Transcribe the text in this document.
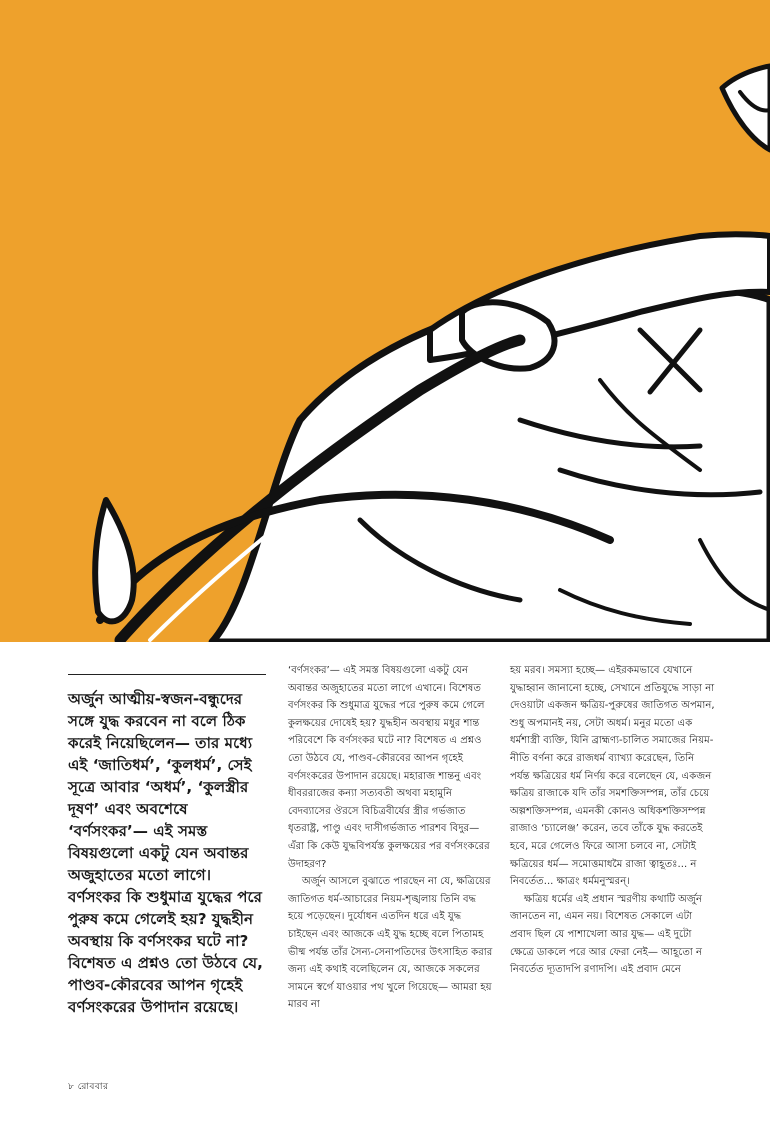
অর্জুন আত্মীয়-স্বজন-বন্ধুদের সঙ্গে যুদ্ধ করবেন না বলে ঠিক করেই নিয়েছিলেন— তার মধ্যে এই ‘জাতিধর্ম’, ‘কুলধর্ম’, সেই সূত্রে আবার ‘অধর্ম’, ‘কুলস্ত্রীর দূষণ’ এবং অবশেষে ‘বর্ণসংকর’— এই সমস্ত বিষয়গুলো একটু যেন অবান্তর অজুহাতের মতো লাগে। বর্ণসংকর কি শুধুমাত্র যুদ্ধের পরে পুরুষ কমে গেলেই হয়? যুদ্ধহীন অবস্থায় কি বর্ণসংকর ঘটে না? বিশেষত এ প্রশ্নও তো উঠবে যে, পাণ্ডব-কৌরবের আপন গৃহেই বর্ণসংকরের উপাদান রয়েছে।

‘বর্ণসংকর’— এই সমস্ত বিষয়গুলো একটু যেন অবান্তর অজুহাতের মতো লাগে এখানে। বিশেষত বর্ণসংকর কি শুধুমাত্র যুদ্ধের পরে পুরুষ কমে গেলে কুলক্ষয়ের দোষেই হয়? যুদ্ধহীন অবস্থায় মধুর শান্ত পরিবেশে কি বর্ণসংকর ঘটে না? বিশেষত এ প্রশ্নও তো উঠবে যে, পাণ্ডব-কৌরবের আপন গৃহেই বর্ণসংকরের উপাদান রয়েছে। মহারাজ শান্তনু এবং ধীবররাজের কন্যা সত্যবতী অথবা মহামুনি বেদব্যাসের ঔরসে বিচিত্রবীর্যের স্ত্রীর গর্ভজাত ধৃতরাষ্ট্র, পাণ্ডু এবং দাসীগর্ভজাত পারশব বিদুর— এঁরা কি কেউ যুদ্ধবিপর্যস্ত কুলক্ষয়ের পর বর্ণসংকরের উদাহরণ?

অর্জুন আসলে বুঝাতে পারছেন না যে, ক্ষত্রিয়ের জাতিগত ধর্ম-আচারের নিয়ম-শৃঙ্খলায় তিনি বদ্ধ হয়ে পড়েছেন। দুর্যোধন এতদিন ধরে এই যুদ্ধ চাইছেন এবং আজকে এই যুদ্ধ হচ্ছে বলে পিতামহ ভীষ্ম পর্যন্ত তাঁর সৈন্য-সেনাপতিদের উৎসাহিত করার জন্য এই কথাই বলেছিলেন যে, আজকে সকলের সামনে স্বর্গে যাওয়ার পথ খুলে গিয়েছে— আমরা হয় মারব না

হয় মরব। সমস্যা হচ্ছে— এইরকমভাবে যেখানে যুদ্ধাহ্বান জানানো হচ্ছে, সেখানে প্রতিযুদ্ধে সাড়া না দেওয়াটা একজন ক্ষত্রিয়-পুরুষের জাতিগত অপমান, শুধু অপমানই নয়, সেটা অধর্ম। মনুর মতো এক ধর্মশাস্ত্রী ব্যক্তি, যিনি ব্রাহ্মণ্য-চালিত সমাজের নিয়ম-নীতি বর্ণনা করে রাজধর্ম ব্যাখ্যা করেছেন, তিনি পর্যন্ত ক্ষত্রিয়ের ধর্ম নির্ণয় করে বলেছেন যে, একজন ক্ষত্রিয় রাজাকে যদি তাঁর সমশক্তিসম্পন্ন, তাঁর চেয়ে অল্পশক্তিসম্পন্ন, এমনকী কোনও অধিকশক্তিসম্পন্ন রাজাও ‘চ্যালেঞ্জ’ করেন, তবে তাঁকে যুদ্ধ করতেই হবে, মরে গেলেও ফিরে আসা চলবে না, সেটাই ক্ষত্রিয়ের ধর্ম— সমোত্তমাধমৈ রাজা ত্বাহূতঃ... ন নিবর্তেত... ক্ষাত্রং ধর্মমনুস্মরন্।

ক্ষত্রিয় ধর্মের এই প্রধান স্মরণীয় কথাটি অর্জুন জানতেন না, এমন নয়। বিশেষত সেকালে এটা প্রবাদ ছিল যে পাশাখেলা আর যুদ্ধ— এই দুটো ক্ষেত্রে ডাকলে পরে আর ফেরা নেই— আহূতো ন নিবর্তেত দ্যূতাদপি রণাদপি। এই প্রবাদ মেনে

৮ রোববার
